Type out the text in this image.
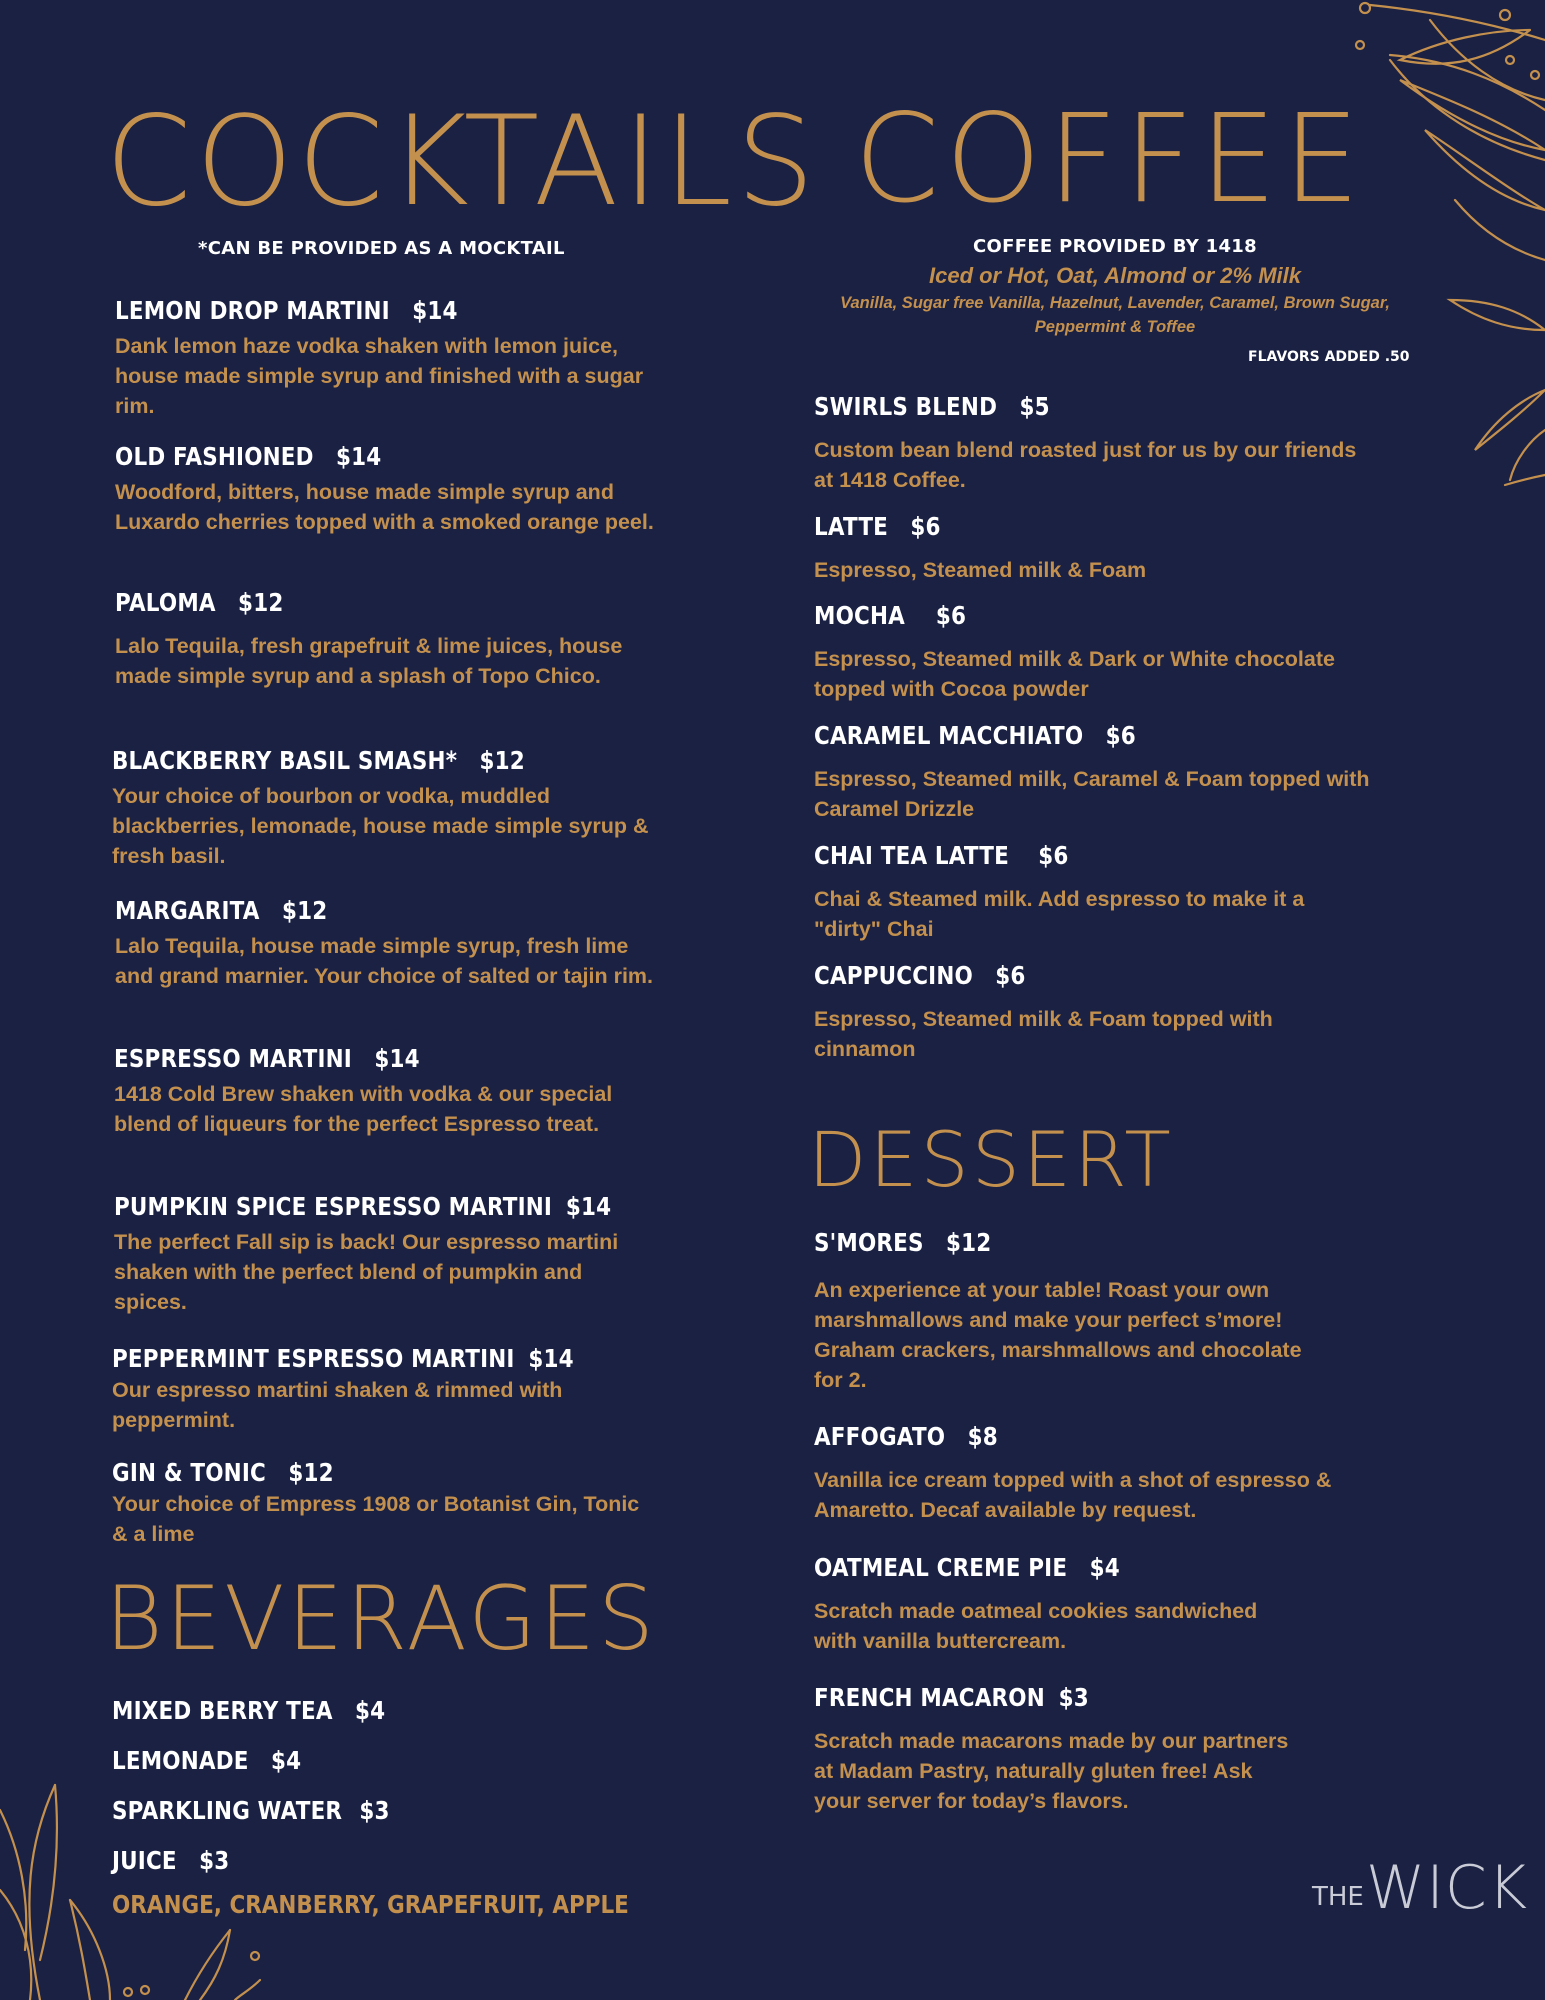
COCKTAILS
*CAN BE PROVIDED AS A MOCKTAIL
LEMON DROP MARTINI $14
Dank lemon haze vodka shaken with lemon juice, house made simple syrup and finished with a sugar rim.
OLD FASHIONED $14
Woodford, bitters, house made simple syrup and Luxardo cherries topped with a smoked orange peel.
PALOMA $12
Lalo Tequila, fresh grapefruit & lime juices, house made simple syrup and a splash of Topo Chico.
BLACKBERRY BASIL SMASH* $12
Your choice of bourbon or vodka, muddled blackberries, lemonade, house made simple syrup & fresh basil.
MARGARITA $12
Lalo Tequila, house made simple syrup, fresh lime and grand marnier. Your choice of salted or tajin rim.
ESPRESSO MARTINI $14
1418 Cold Brew shaken with vodka & our special blend of liqueurs for the perfect Espresso treat.
PUMPKIN SPICE ESPRESSO MARTINI $14
The perfect Fall sip is back! Our espresso martini shaken with the perfect blend of pumpkin and spices.
PEPPERMINT ESPRESSO MARTINI $14
Our espresso martini shaken & rimmed with peppermint.
GIN & TONIC $12
Your choice of Empress 1908 or Botanist Gin, Tonic & a lime
BEVERAGES
MIXED BERRY TEA $4
LEMONADE $4
SPARKLING WATER $3
JUICE $3
ORANGE, CRANBERRY, GRAPEFRUIT, APPLE
COFFEE
COFFEE PROVIDED BY 1418
Iced or Hot, Oat, Almond or 2% Milk
Vanilla, Sugar free Vanilla, Hazelnut, Lavender, Caramel, Brown Sugar, Peppermint & Toffee
FLAVORS ADDED .50
SWIRLS BLEND $5
Custom bean blend roasted just for us by our friends at 1418 Coffee.
LATTE $6
Espresso, Steamed milk & Foam
MOCHA $6
Espresso, Steamed milk & Dark or White chocolate topped with Cocoa powder
CARAMEL MACCHIATO $6
Espresso, Steamed milk, Caramel & Foam topped with Caramel Drizzle
CHAI TEA LATTE $6
Chai & Steamed milk. Add espresso to make it a "dirty" Chai
CAPPUCCINO $6
Espresso, Steamed milk & Foam topped with cinnamon
DESSERT
S'MORES $12
An experience at your table! Roast your own marshmallows and make your perfect s’more! Graham crackers, marshmallows and chocolate for 2.
AFFOGATO $8
Vanilla ice cream topped with a shot of espresso & Amaretto. Decaf available by request.
OATMEAL CREME PIE $4
Scratch made oatmeal cookies sandwiched with vanilla buttercream.
FRENCH MACARON $3
Scratch made macarons made by our partners at Madam Pastry, naturally gluten free! Ask your server for today’s flavors.
THE WICK
